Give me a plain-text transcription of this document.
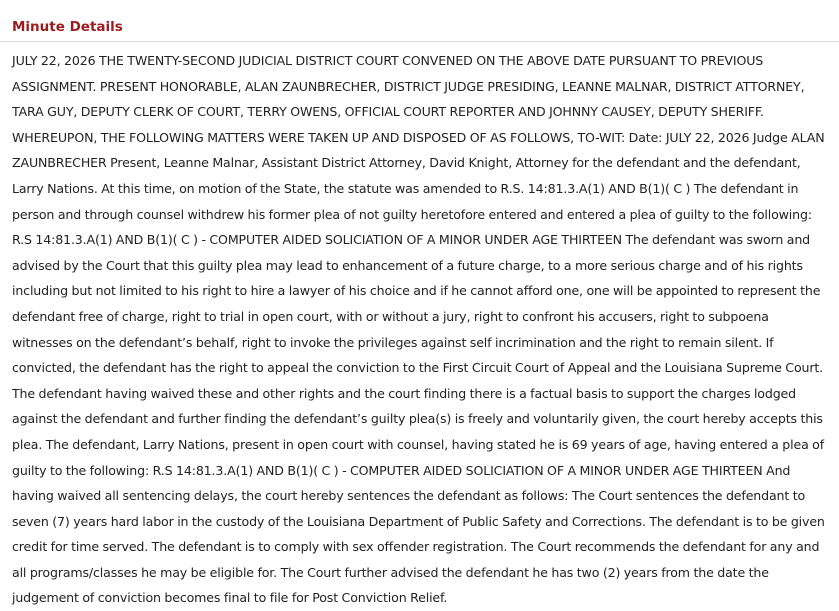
Minute Details

JULY 22, 2026 THE TWENTY-SECOND JUDICIAL DISTRICT COURT CONVENED ON THE ABOVE DATE PURSUANT TO PREVIOUS ASSIGNMENT. PRESENT HONORABLE, ALAN ZAUNBRECHER, DISTRICT JUDGE PRESIDING, LEANNE MALNAR, DISTRICT ATTORNEY, TARA GUY, DEPUTY CLERK OF COURT, TERRY OWENS, OFFICIAL COURT REPORTER AND JOHNNY CAUSEY, DEPUTY SHERIFF. WHEREUPON, THE FOLLOWING MATTERS WERE TAKEN UP AND DISPOSED OF AS FOLLOWS, TO-WIT: Date: JULY 22, 2026 Judge ALAN ZAUNBRECHER Present, Leanne Malnar, Assistant District Attorney, David Knight, Attorney for the defendant and the defendant, Larry Nations. At this time, on motion of the State, the statute was amended to R.S. 14:81.3.A(1) AND B(1)( C ) The defendant in person and through counsel withdrew his former plea of not guilty heretofore entered and entered a plea of guilty to the following: R.S 14:81.3.A(1) AND B(1)( C ) - COMPUTER AIDED SOLICIATION OF A MINOR UNDER AGE THIRTEEN The defendant was sworn and advised by the Court that this guilty plea may lead to enhancement of a future charge, to a more serious charge and of his rights including but not limited to his right to hire a lawyer of his choice and if he cannot afford one, one will be appointed to represent the defendant free of charge, right to trial in open court, with or without a jury, right to confront his accusers, right to subpoena witnesses on the defendant’s behalf, right to invoke the privileges against self incrimination and the right to remain silent. If convicted, the defendant has the right to appeal the conviction to the First Circuit Court of Appeal and the Louisiana Supreme Court. The defendant having waived these and other rights and the court finding there is a factual basis to support the charges lodged against the defendant and further finding the defendant’s guilty plea(s) is freely and voluntarily given, the court hereby accepts this plea. The defendant, Larry Nations, present in open court with counsel, having stated he is 69 years of age, having entered a plea of guilty to the following: R.S 14:81.3.A(1) AND B(1)( C ) - COMPUTER AIDED SOLICIATION OF A MINOR UNDER AGE THIRTEEN And having waived all sentencing delays, the court hereby sentences the defendant as follows: The Court sentences the defendant to seven (7) years hard labor in the custody of the Louisiana Department of Public Safety and Corrections. The defendant is to be given credit for time served. The defendant is to comply with sex offender registration. The Court recommends the defendant for any and all programs/classes he may be eligible for. The Court further advised the defendant he has two (2) years from the date the judgement of conviction becomes final to file for Post Conviction Relief.
